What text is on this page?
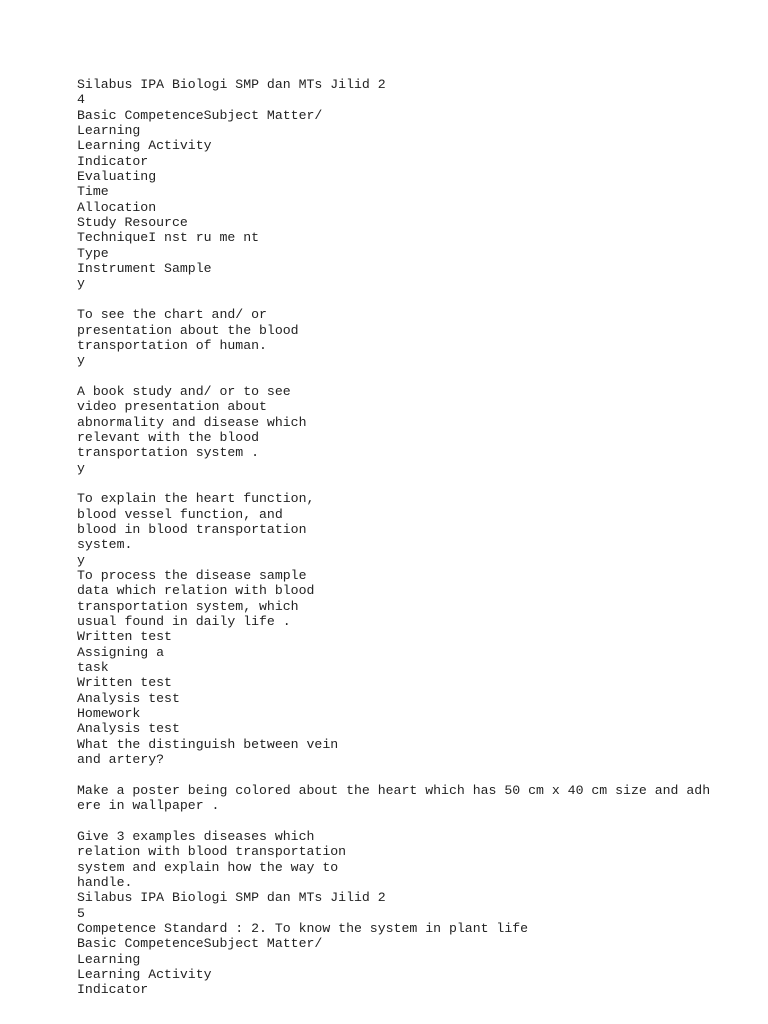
Silabus IPA Biologi SMP dan MTs Jilid 2
4
Basic CompetenceSubject Matter/
Learning
Learning Activity
Indicator
Evaluating
Time
Allocation
Study Resource
TechniqueI nst ru me nt
Type
Instrument Sample
y
To see the chart and/ or
presentation about the blood
transportation of human.
y
A book study and/ or to see
video presentation about
abnormality and disease which
relevant with the blood
transportation system .
y
To explain the heart function,
blood vessel function, and
blood in blood transportation
system.
y
To process the disease sample
data which relation with blood
transportation system, which
usual found in daily life .
Written test
Assigning a
task
Written test
Analysis test
Homework
Analysis test
What the distinguish between vein
and artery?
Make a poster being colored about the heart which has 50 cm x 40 cm size and adh
ere in wallpaper .
Give 3 examples diseases which
relation with blood transportation
system and explain how the way to
handle.
Silabus IPA Biologi SMP dan MTs Jilid 2
5
Competence Standard : 2. To know the system in plant life
Basic CompetenceSubject Matter/
Learning
Learning Activity
Indicator
